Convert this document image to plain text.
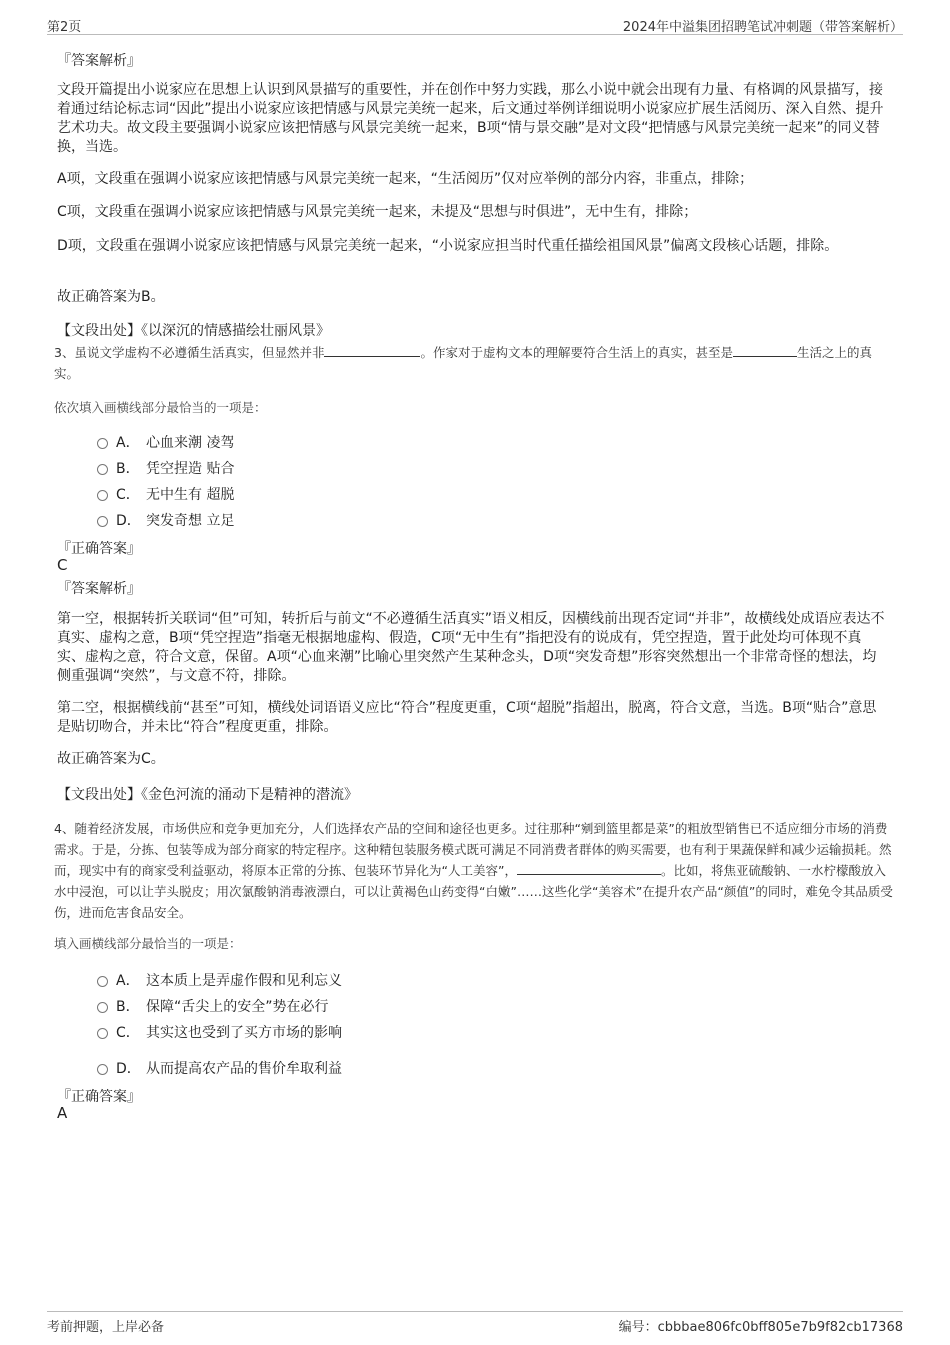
第2页	2024年中溢集团招聘笔试冲刺题（带答案解析）
『答案解析』
文段开篇提出小说家应在思想上认识到风景描写的重要性，并在创作中努力实践，那么小说中就会出现有力量、有格调的风景描写，接着通过结论标志词“因此”提出小说家应该把情感与风景完美统一起来，后文通过举例详细说明小说家应扩展生活阅历、深入自然、提升艺术功夫。故文段主要强调小说家应该把情感与风景完美统一起来，B项“情与景交融”是对文段“把情感与风景完美统一起来”的同义替换，当选。
A项，文段重在强调小说家应该把情感与风景完美统一起来，“生活阅历”仅对应举例的部分内容，非重点，排除；
C项，文段重在强调小说家应该把情感与风景完美统一起来，未提及“思想与时俱进”，无中生有，排除；
D项，文段重在强调小说家应该把情感与风景完美统一起来，“小说家应担当时代重任描绘祖国风景”偏离文段核心话题，排除。
故正确答案为B。
【文段出处】《以深沉的情感描绘壮丽风景》
3、虽说文学虚构不必遵循生活真实，但显然并非	。作家对于虚构文本的理解要符合生活上的真实，甚至是	生活之上的真实。
依次填入画横线部分最恰当的一项是：
A． 心血来潮 凌驾
B． 凭空捏造 贴合
C． 无中生有 超脱
D． 突发奇想 立足
『正确答案』
C
『答案解析』
第一空，根据转折关联词“但”可知，转折后与前文“不必遵循生活真实”语义相反，因横线前出现否定词“并非”，故横线处成语应表达不真实、虚构之意，B项“凭空捏造”指毫无根据地虚构、假造，C项“无中生有”指把没有的说成有，凭空捏造，置于此处均可体现不真实、虚构之意，符合文意，保留。A项“心血来潮”比喻心里突然产生某种念头，D项“突发奇想”形容突然想出一个非常奇怪的想法，均侧重强调“突然”，与文意不符，排除。
第二空，根据横线前“甚至”可知，横线处词语语义应比“符合”程度更重，C项“超脱”指超出，脱离，符合文意，当选。B项“贴合”意思是贴切吻合，并未比“符合”程度更重，排除。
故正确答案为C。
【文段出处】《金色河流的涌动下是精神的潜流》
4、随着经济发展，市场供应和竞争更加充分，人们选择农产品的空间和途径也更多。过往那种“剜到篮里都是菜”的粗放型销售已不适应细分市场的消费需求。于是，分拣、包装等成为部分商家的特定程序。这种精包装服务模式既可满足不同消费者群体的购买需要，也有利于果蔬保鲜和减少运输损耗。然而，现实中有的商家受利益驱动，将原本正常的分拣、包装环节异化为“人工美容”，	。比如，将焦亚硫酸钠、一水柠檬酸放入水中浸泡，可以让芋头脱皮；用次氯酸钠消毒液漂白，可以让黄褐色山药变得“白嫩”……这些化学“美容术”在提升农产品“颜值”的同时，难免令其品质受伤，进而危害食品安全。
填入画横线部分最恰当的一项是：
A． 这本质上是弄虚作假和见利忘义
B． 保障“舌尖上的安全”势在必行
C． 其实这也受到了买方市场的影响
D． 从而提高农产品的售价牟取利益
『正确答案』
A
考前押题，上岸必备	编号：cbbbae806fc0bff805e7b9f82cb17368
